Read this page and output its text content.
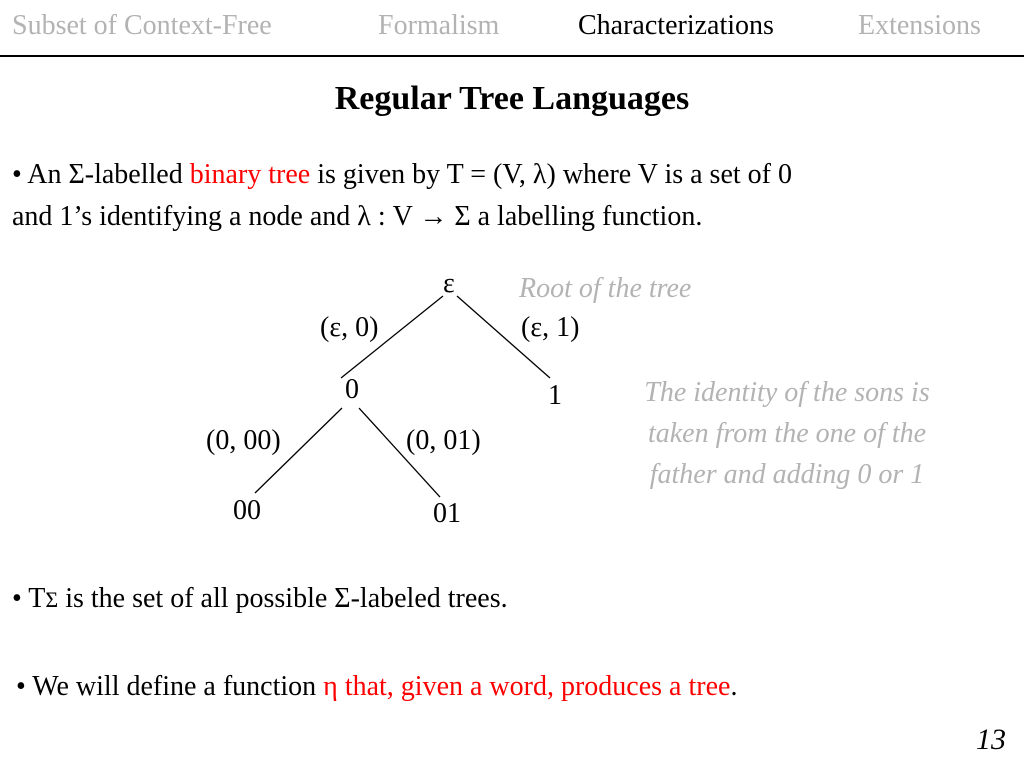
Subset of Context-Free	Formalism	Characterizations	Extensions
Regular Tree Languages
• An Σ-labelled binary tree is given by T = (V, λ) where V is a set of 0
and 1’s identifying a node and λ : V → Σ a labelling function.
ε
(ε, 0)	(ε, 1)
0	1
(0, 00)	(0, 01)
00	01
Root of the tree
The identity of the sons is
taken from the one of the
father and adding 0 or 1
• TΣ is the set of all possible Σ-labeled trees.
• We will define a function η that, given a word, produces a tree.
13
